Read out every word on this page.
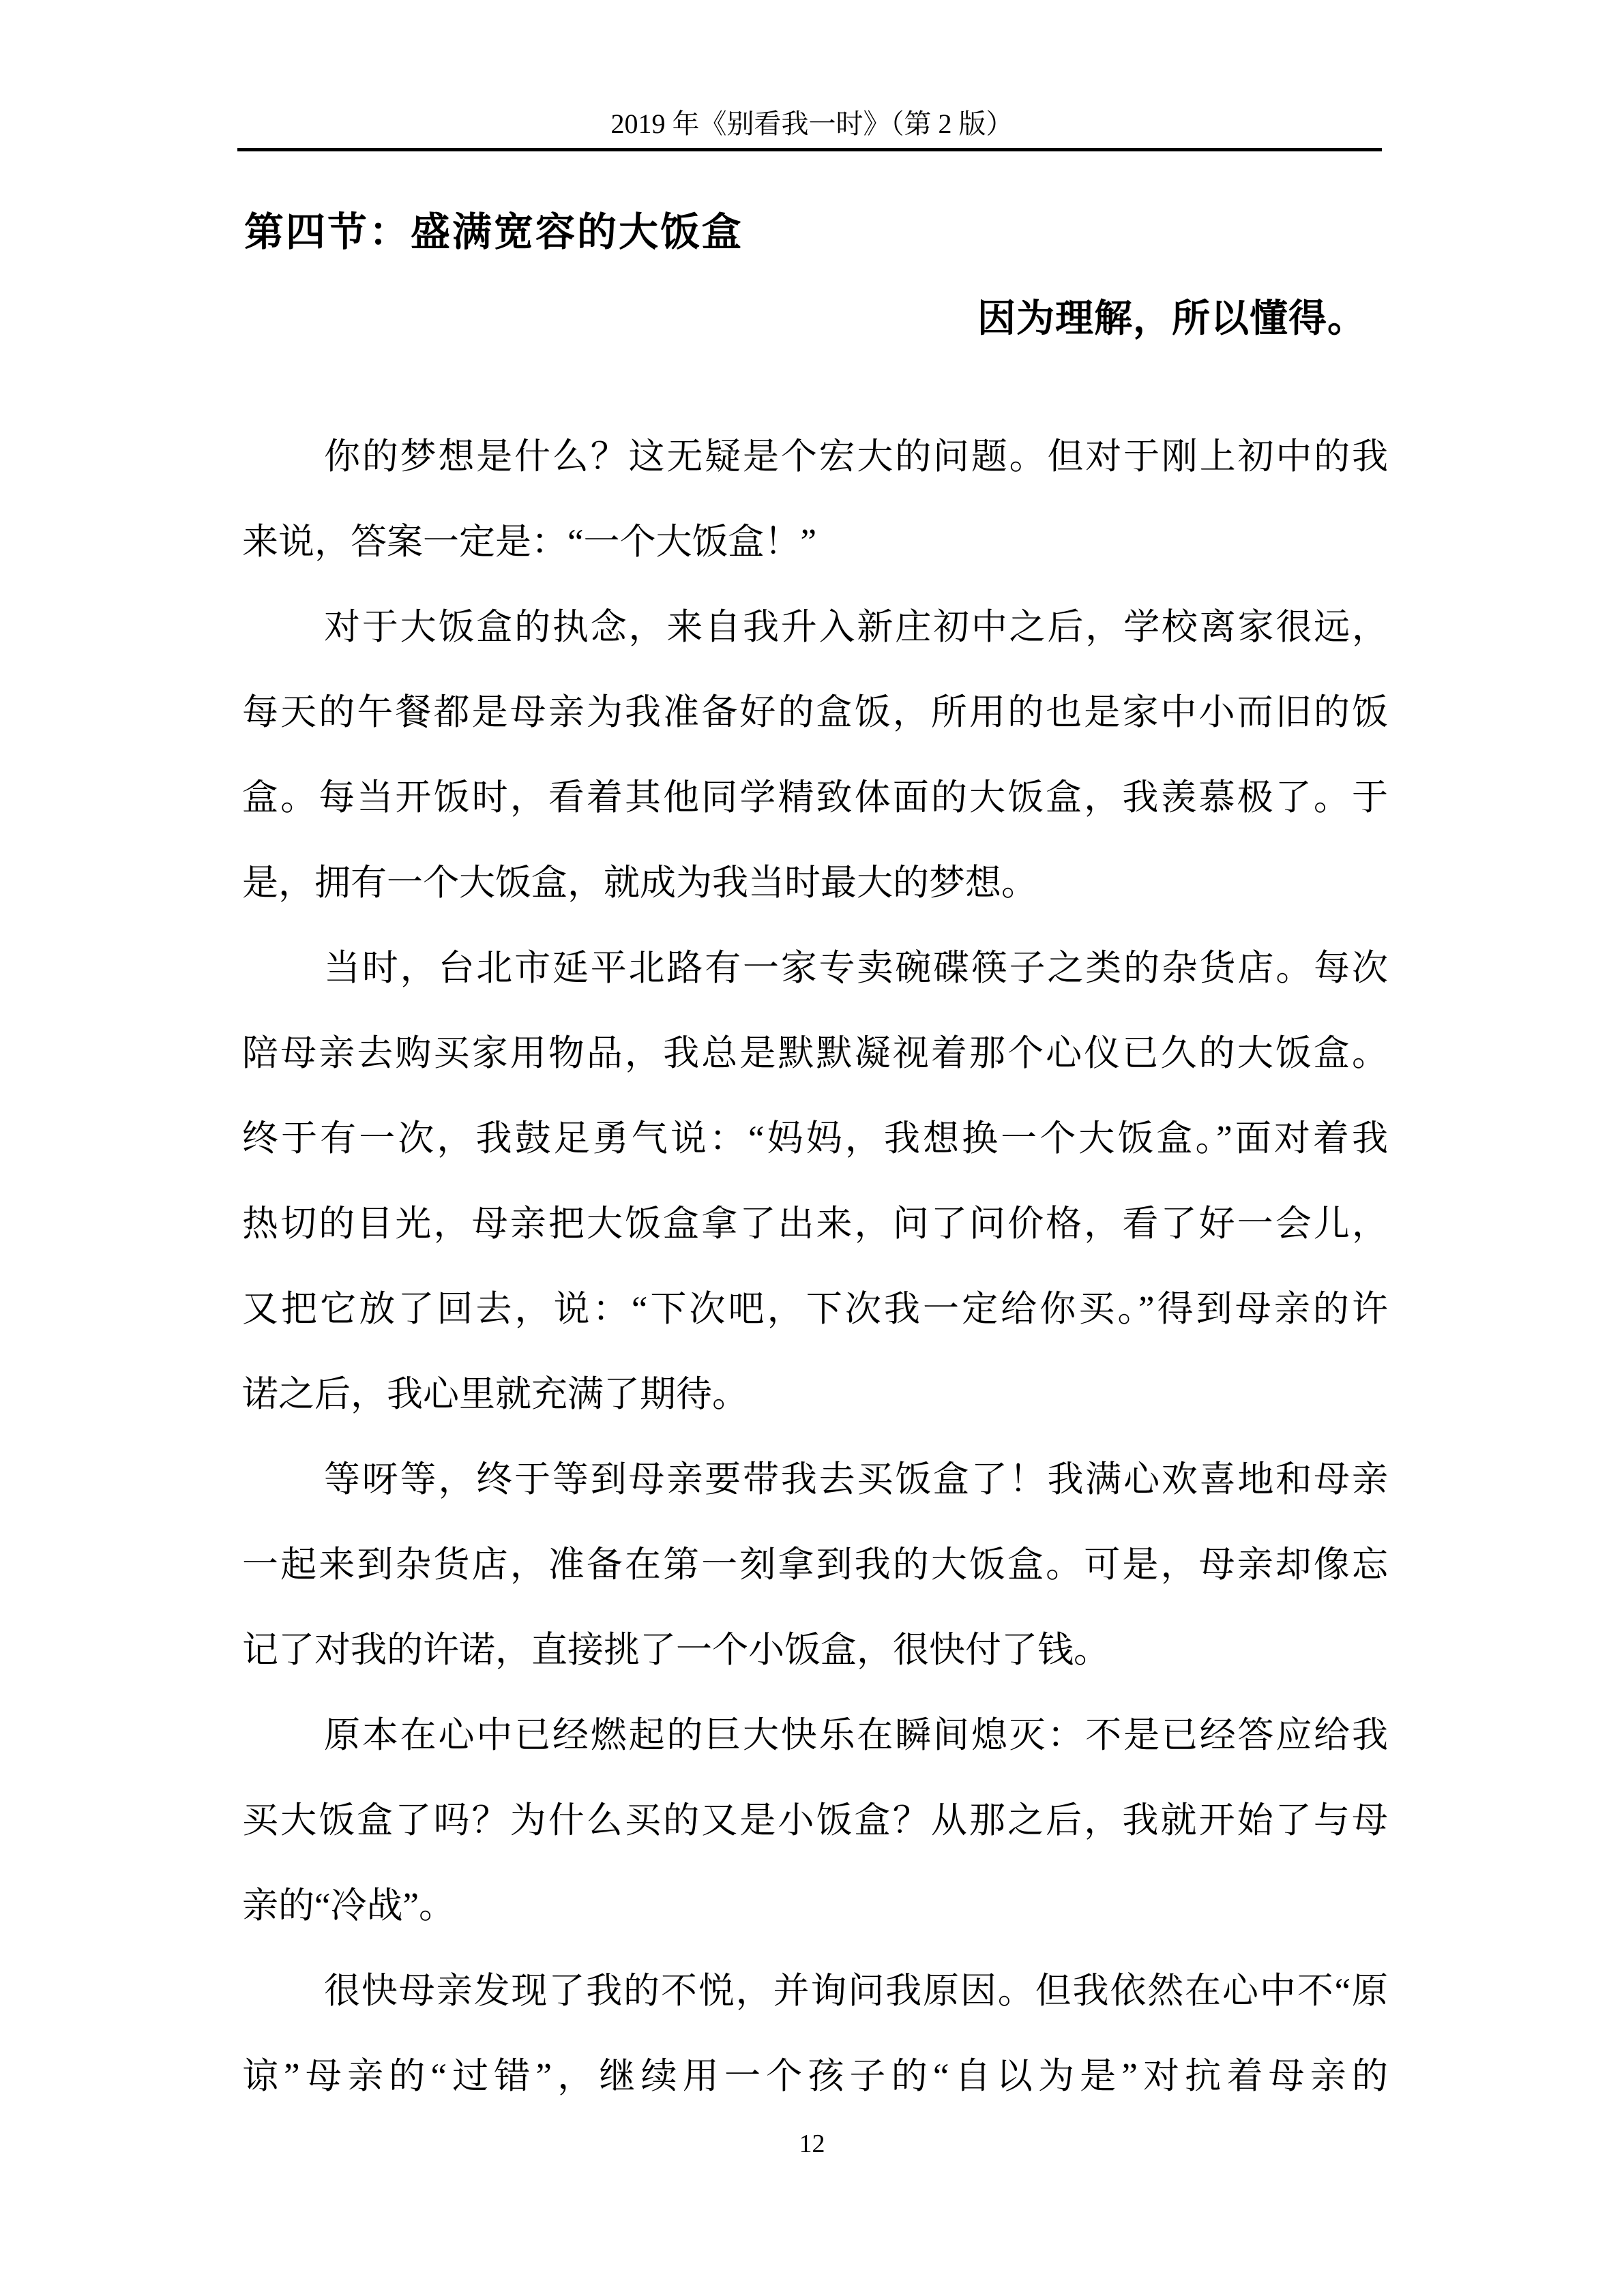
2019 年《别看我一时》（第 2 版）
第四节：盛满宽容的大饭盒
因为理解，所以懂得。
你的梦想是什么？这无疑是个宏大的问题。但对于刚上初中的我
来说，答案一定是：“一个大饭盒！”
对于大饭盒的执念，来自我升入新庄初中之后，学校离家很远，
每天的午餐都是母亲为我准备好的盒饭，所用的也是家中小而旧的饭
盒。每当开饭时，看着其他同学精致体面的大饭盒，我羡慕极了。于
是，拥有一个大饭盒，就成为我当时最大的梦想。
当时，台北市延平北路有一家专卖碗碟筷子之类的杂货店。每次
陪母亲去购买家用物品，我总是默默凝视着那个心仪已久的大饭盒。
终于有一次，我鼓足勇气说：“妈妈，我想换一个大饭盒。”面对着我
热切的目光，母亲把大饭盒拿了出来，问了问价格，看了好一会儿，
又把它放了回去，说：“下次吧，下次我一定给你买。”得到母亲的许
诺之后，我心里就充满了期待。
等呀等，终于等到母亲要带我去买饭盒了！我满心欢喜地和母亲
一起来到杂货店，准备在第一刻拿到我的大饭盒。可是，母亲却像忘
记了对我的许诺，直接挑了一个小饭盒，很快付了钱。
原本在心中已经燃起的巨大快乐在瞬间熄灭：不是已经答应给我
买大饭盒了吗？为什么买的又是小饭盒？从那之后，我就开始了与母
亲的“冷战”。
很快母亲发现了我的不悦，并询问我原因。但我依然在心中不“原
谅”母亲的“过错”，继续用一个孩子的“自以为是”对抗着母亲的
12
